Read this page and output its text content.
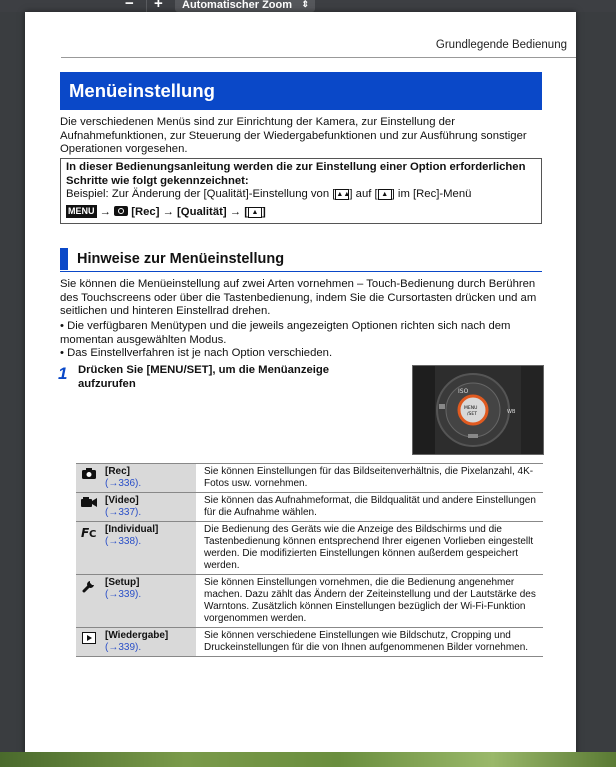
− +	Automatischer Zoom ⇕
Grundlegende Bedienung
Menüeinstellung
Die verschiedenen Menüs sind zur Einrichtung der Kamera, zur Einstellung der Aufnahmefunktionen, zur Steuerung der Wiedergabefunktionen und zur Ausführung sonstiger Operationen vorgesehen.
In dieser Bedienungsanleitung werden die zur Einstellung einer Option erforderlichen Schritte wie folgt gekennzeichnet:
Beispiel: Zur Änderung der [Qualität]-Einstellung von [▲▲] auf [ ▲ ] im [Rec]-Menü
MENU → [Rec] → [Qualität] → [ ▲ ]
Hinweise zur Menüeinstellung
Sie können die Menüeinstellung auf zwei Arten vornehmen – Touch-Bedienung durch Berühren des Touchscreens oder über die Tastenbedienung, indem Sie die Cursortasten drücken und am seitlichen und hinteren Einstellrad drehen.
• Die verfügbaren Menütypen und die jeweils angezeigten Optionen richten sich nach dem momentan ausgewählten Modus.
• Das Einstellverfahren ist je nach Option verschieden.
1 Drücken Sie [MENU/SET], um die Menüanzeige aufzurufen
ISO
WB
MENU
/SET
	[Rec]
(→336).	Sie können Einstellungen für das Bildseitenverhältnis, die Pixelanzahl, 4K-Fotos usw. vornehmen.
	[Video]
(→337).	Sie können das Aufnahmeformat, die Bildqualität und andere Einstellungen für die Aufnahme wählen.

F C	[Individual]
(→338).	Die Bedienung des Geräts wie die Anzeige des Bildschirms und die Tastenbedienung können entsprechend Ihrer eigenen Vorlieben eingestellt werden. Die modifizierten Einstellungen können außerdem gespeichert werden.
	[Setup]
(→339).	Sie können Einstellungen vornehmen, die die Bedienung angenehmer machen. Dazu zählt das Ändern der Zeiteinstellung und der Lautstärke des Warntons. Zusätzlich können Einstellungen bezüglich der Wi-Fi-Funktion vorgenommen werden.
	[Wiedergabe]
(→339).	Sie können verschiedene Einstellungen wie Bildschutz, Cropping und Druckeinstellungen für die von Ihnen aufgenommenen Bilder vornehmen.
